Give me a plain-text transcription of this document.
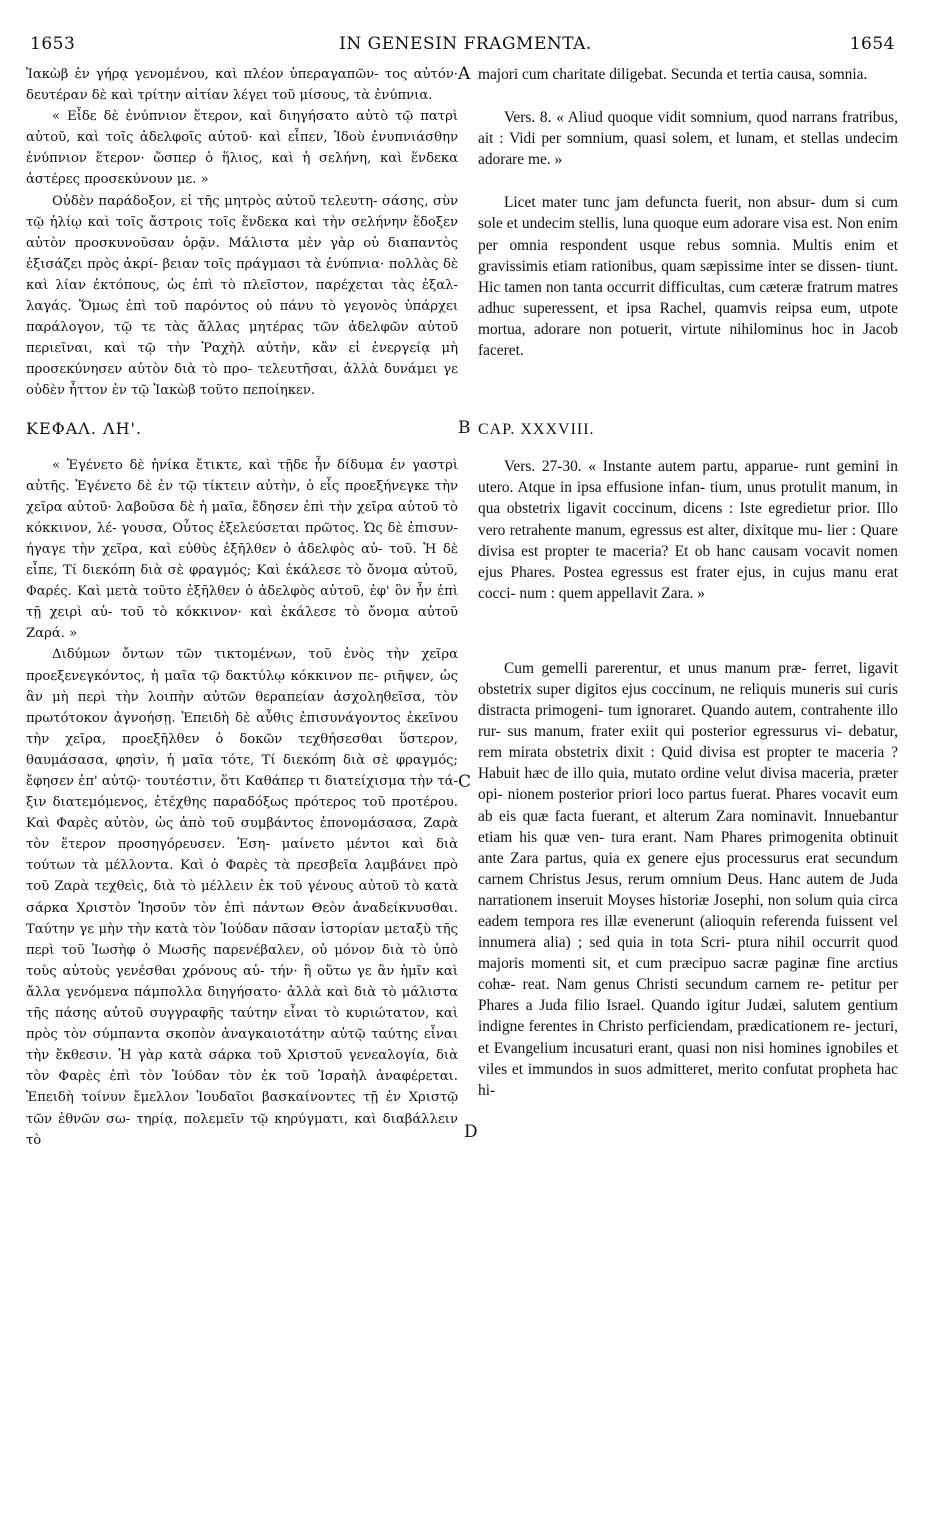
1653	IN GENESIN FRAGMENTA.	1654
A
B
C
D

Ἰακὼβ ἐν γήρᾳ γενομένου, καὶ πλέον ὑπεραγαπῶν- τος αὐτόν· δευτέραν δὲ καὶ τρίτην αἰτίαν λέγει τοῦ μίσους, τὰ ἐνύπνια.

« Εἶδε δὲ ἐνύπνιον ἕτερον, καὶ διηγήσατο αὐτὸ τῷ πατρὶ αὐτοῦ, καὶ τοῖς ἀδελφοῖς αὐτοῦ· καὶ εἶπεν, Ἰδοὺ ἐνυπνιάσθην ἐνύπνιον ἕτερον· ὥσπερ ὁ ἥλιος, καὶ ἡ σελήνη, καὶ ἕνδεκα ἀστέρες προσεκύνουν με. »

Οὐδὲν παράδοξον, εἰ τῆς μητρὸς αὐτοῦ τελευτη- σάσης, σὺν τῷ ἡλίῳ καὶ τοῖς ἄστροις τοῖς ἕνδεκα καὶ τὴν σελήνην ἔδοξεν αὐτὸν προσκυνοῦσαν ὁρᾷν. Μάλιστα μὲν γὰρ οὐ διαπαντὸς ἐξισάζει πρὸς ἀκρί- βειαν τοῖς πράγμασι τὰ ἐνύπνια· πολλὰς δὲ καὶ λίαν ἐκτόπους, ὡς ἐπὶ τὸ πλεῖστον, παρέχεται τὰς ἐξαλ- λαγάς. Ὅμως ἐπὶ τοῦ παρόντος οὐ πάνυ τὸ γεγονὸς ὑπάρχει παράλογον, τῷ τε τὰς ἄλλας μητέρας τῶν ἀδελφῶν αὐτοῦ περιεῖναι, καὶ τῷ τὴν Ῥαχὴλ αὐτὴν, κἂν εἰ ἐνεργείᾳ μὴ προσεκύνησεν αὐτὸν διὰ τὸ προ- τελευτῆσαι, ἀλλὰ δυνάμει γε οὐδὲν ἧττον ἐν τῷ Ἰακὼβ τοῦτο πεποίηκεν.

ΚΕΦΑΛ. ΛΗ'.

« Ἐγένετο δὲ ἡνίκα ἔτικτε, καὶ τῇδε ἦν δίδυμα ἐν γαστρὶ αὐτῆς. Ἐγένετο δὲ ἐν τῷ τίκτειν αὐτὴν, ὁ εἷς προεξήνεγκε τὴν χεῖρα αὐτοῦ· λαβοῦσα δὲ ἡ μαῖα, ἔδησεν ἐπὶ τὴν χεῖρα αὐτοῦ τὸ κόκκινον, λέ- γουσα, Οὗτος ἐξελεύσεται πρῶτος. Ὡς δὲ ἐπισυν- ήγαγε τὴν χεῖρα, καὶ εὐθὺς ἐξῆλθεν ὁ ἀδελφὸς αὐ- τοῦ. Ἡ δὲ εἶπε, Τί διεκόπη διὰ σὲ φραγμός; Καὶ ἐκάλεσε τὸ ὄνομα αὐτοῦ, Φαρές. Καὶ μετὰ τοῦτο ἐξῆλθεν ὁ ἀδελφὸς αὐτοῦ, ἐφ' ὃν ἦν ἐπὶ τῇ χειρὶ αὐ- τοῦ τὸ κόκκινον· καὶ ἐκάλεσε τὸ ὄνομα αὐτοῦ Ζαρά. »

Διδύμων ὄντων τῶν τικτομένων, τοῦ ἑνὸς τὴν χεῖρα προεξενεγκόντος, ἡ μαῖα τῷ δακτύλῳ κόκκινον πε- ριῆψεν, ὡς ἂν μὴ περὶ τὴν λοιπὴν αὐτῶν θεραπείαν ἀσχοληθεῖσα, τὸν πρωτότοκον ἀγνοήσῃ. Ἐπειδὴ δὲ αὖθις ἐπισυνάγοντος ἐκεῖνου τὴν χεῖρα, προεξῆλθεν ὁ δοκῶν τεχθήσεσθαι ὕστερον, θαυμάσασα, φησὶν, ἡ μαῖα τότε, Τί διεκόπη διὰ σὲ φραγμός; ἔφησεν ἐπ' αὐτῷ· τουτέστιν, ὅτι Καθάπερ τι διατείχισμα τὴν τά- ξιν διατεμόμενος, ἐτέχθης παραδόξως πρότερος τοῦ προτέρου. Καὶ Φαρὲς αὐτὸν, ὡς ἀπὸ τοῦ συμβάντος ἐπονομάσασα, Ζαρὰ τὸν ἕτερον προσηγόρευσεν. Ἐση- μαίνετο μέντοι καὶ διὰ τούτων τὰ μέλλοντα. Καὶ ὁ Φαρὲς τὰ πρεσβεῖα λαμβάνει πρὸ τοῦ Ζαρὰ τεχθεὶς, διὰ τὸ μέλλειν ἐκ τοῦ γένους αὐτοῦ τὸ κατὰ σάρκα Χριστὸν Ἰησοῦν τὸν ἐπὶ πάντων Θεὸν ἀναδείκνυσθαι. Ταύτην γε μὴν τὴν κατὰ τὸν Ἰούδαν πᾶσαν ἱστορίαν μεταξὺ τῆς περὶ τοῦ Ἰωσὴφ ὁ Μωσῆς παρενέβαλεν, οὐ μόνον διὰ τὸ ὑπὸ τοὺς αὐτοὺς γενέσθαι χρόνους αὐ- τήν· ἢ οὕτω γε ἂν ἡμῖν καὶ ἄλλα γενόμενα πάμπολλα διηγήσατο· ἀλλὰ καὶ διὰ τὸ μάλιστα τῆς πάσης αὐτοῦ συγγραφῆς ταύτην εἶναι τὸ κυριώτατον, καὶ πρὸς τὸν σύμπαντα σκοπὸν ἀναγκαιοτάτην αὐτῷ ταύτης εἶναι τὴν ἔκθεσιν. Ἡ γὰρ κατὰ σάρκα τοῦ Χριστοῦ γενεαλογία, διὰ τὸν Φαρὲς ἐπὶ τὸν Ἰούδαν τὸν ἐκ τοῦ Ἰσραὴλ ἀναφέρεται. Ἐπειδὴ τοίνυν ἔμελλον Ἰουδαῖοι βασκαίνοντες τῇ ἐν Χριστῷ τῶν ἐθνῶν σω- τηρίᾳ, πολεμεῖν τῷ κηρύγματι, καὶ διαβάλλειν τὸ

majori cum charitate diligebat. Secunda et tertia causa, somnia.

Vers. 8. « Aliud quoque vidit somnium, quod narrans fratribus, ait : Vidi per somnium, quasi solem, et lunam, et stellas undecim adorare me. »

Licet mater tunc jam defuncta fuerit, non absur- dum si cum sole et undecim stellis, luna quoque eum adorare visa est. Non enim per omnia respondent usque rebus somnia. Multis enim et gravissimis etiam rationibus, quam sæpissime inter se dissen- tiunt. Hic tamen non tanta occurrit difficultas, cum cæteræ fratrum matres adhuc superessent, et ipsa Rachel, quamvis reipsa eum, utpote mortua, adorare non potuerit, virtute nihilominus hoc in Jacob faceret.

CAP. XXXVIII.

Vers. 27-30. « Instante autem partu, apparue- runt gemini in utero. Atque in ipsa effusione infan- tium, unus protulit manum, in qua obstetrix ligavit coccinum, dicens : Iste egredietur prior. Illo vero retrahente manum, egressus est alter, dixitque mu- lier : Quare divisa est propter te maceria? Et ob hanc causam vocavit nomen ejus Phares. Postea egressus est frater ejus, in cujus manu erat cocci- num : quem appellavit Zara. »

Cum gemelli parerentur, et unus manum præ- ferret, ligavit obstetrix super digitos ejus coccinum, ne reliquis muneris sui curis distracta primogeni- tum ignoraret. Quando autem, contrahente illo rur- sus manum, frater exiit qui posterior egressurus vi- debatur, rem mirata obstetrix dixit : Quid divisa est propter te maceria ? Habuit hæc de illo quia, mutato ordine velut divisa maceria, præter opi- nionem posterior priori loco partus fuerat. Phares vocavit eum ab eis quæ facta fuerant, et alterum Zara nominavit. Innuebantur etiam his quæ ven- tura erant. Nam Phares primogenita obtinuit ante Zara partus, quia ex genere ejus processurus erat secundum carnem Christus Jesus, rerum omnium Deus. Hanc autem de Juda narrationem inseruit Moyses historiæ Josephi, non solum quia circa eadem tempora res illæ evenerunt (alioquin referenda fuissent vel innumera alia) ; sed quia in tota Scri- ptura nihil occurrit quod majoris momenti sit, et cum præcipuo sacræ paginæ fine arctius cohæ- reat. Nam genus Christi secundum carnem re- petitur per Phares a Juda filio Israel. Quando igitur Judæi, salutem gentium indigne ferentes in Christo perficiendam, prædicationem re- jecturi, et Evangelium incusaturi erant, quasi non nisi homines ignobiles et viles et immundos in suos admitteret, merito confutat propheta hac hi-
